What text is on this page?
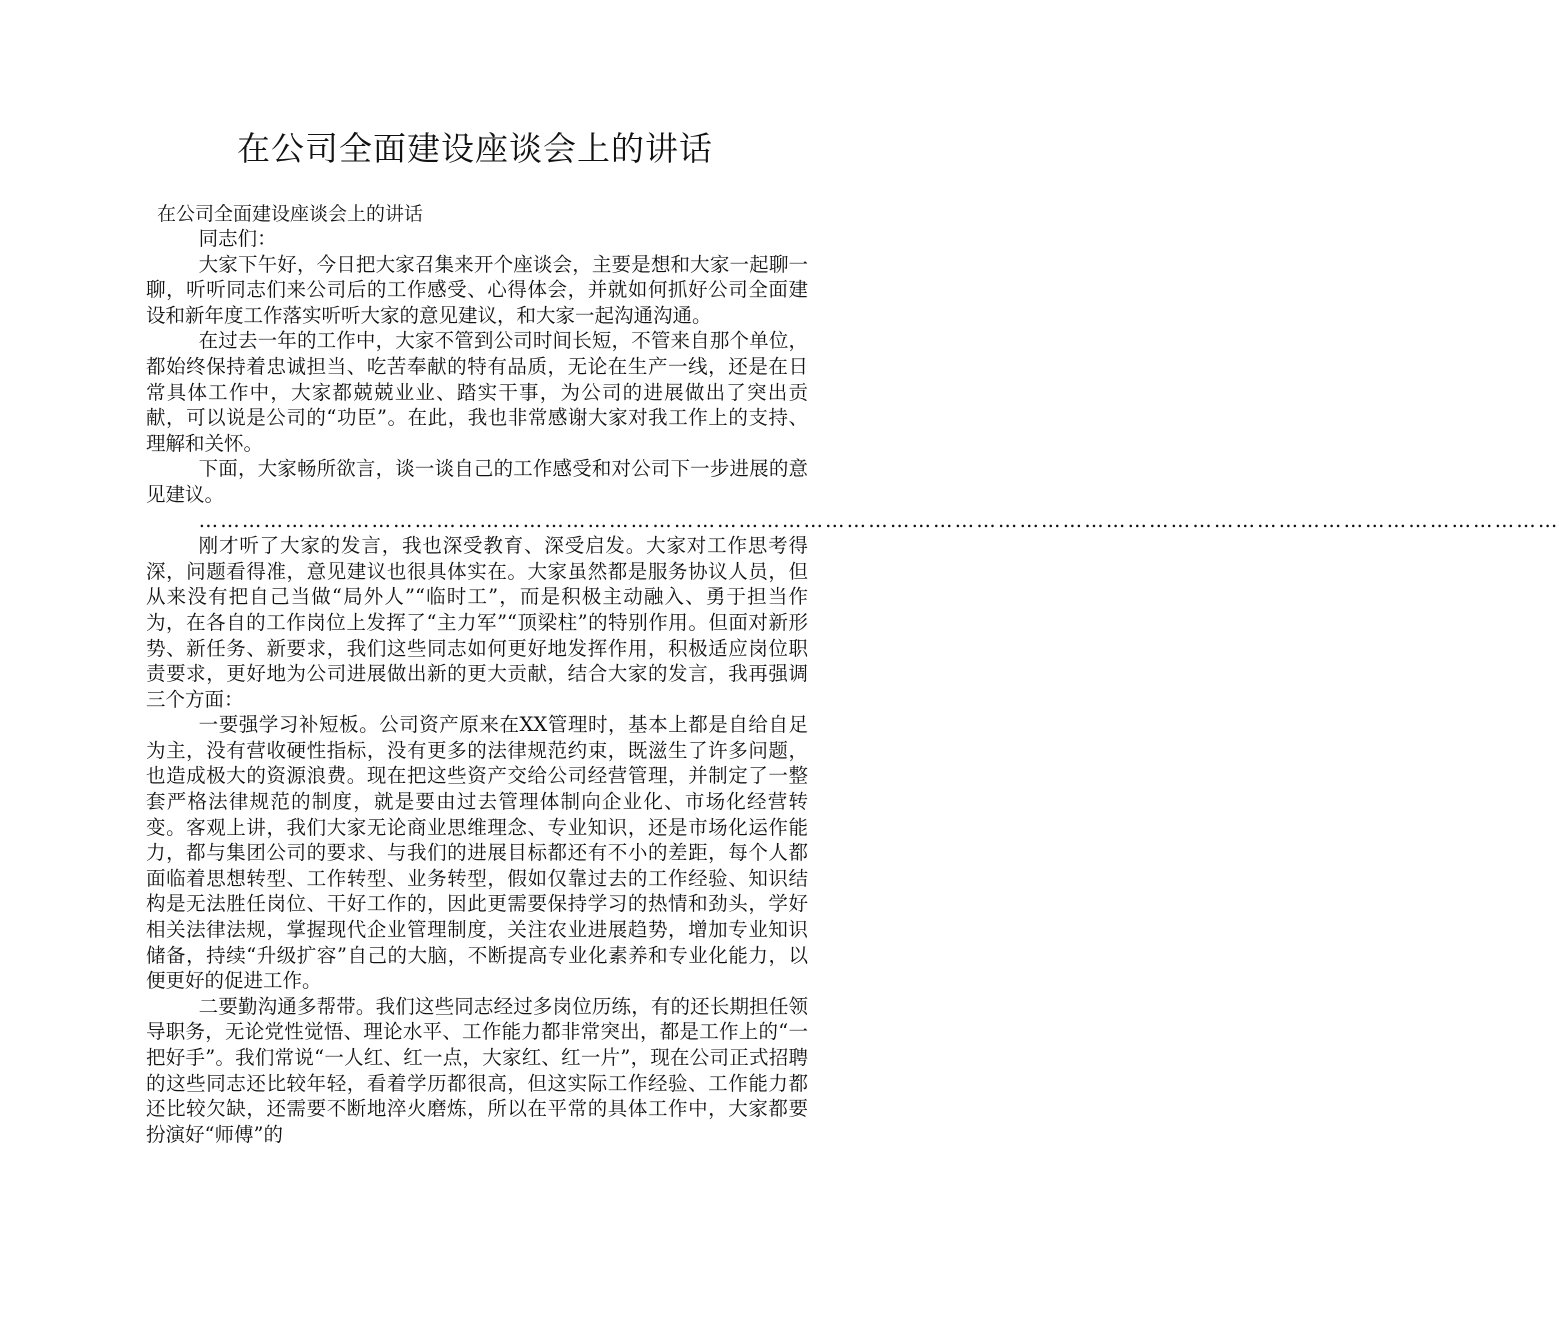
在公司全面建设座谈会上的讲话
在公司全面建设座谈会上的讲话

同志们：

大家下午好，今日把大家召集来开个座谈会，主要是想和大家一起聊一聊，听听同志们来公司后的工作感受、心得体会，并就如何抓好公司全面建设和新年度工作落实听听大家的意见建议，和大家一起沟通沟通。

在过去一年的工作中，大家不管到公司时间长短，不管来自那个单位，都始终保持着忠诚担当、吃苦奉献的特有品质，无论在生产一线，还是在日常具体工作中，大家都兢兢业业、踏实干事，为公司的进展做出了突出贡献，可以说是公司的“功臣”。在此，我也非常感谢大家对我工作上的支持、理解和关怀。

下面，大家畅所欲言，谈一谈自己的工作感受和对公司下一步进展的意见建议。

………………………………………………………………………………………………………………………………………………………………………

刚才听了大家的发言，我也深受教育、深受启发。大家对工作思考得深，问题看得准，意见建议也很具体实在。大家虽然都是服务协议人员，但从来没有把自己当做“局外人”“临时工”，而是积极主动融入、勇于担当作为，在各自的工作岗位上发挥了“主力军”“顶梁柱”的特别作用。但面对新形势、新任务、新要求，我们这些同志如何更好地发挥作用，积极适应岗位职责要求，更好地为公司进展做出新的更大贡献，结合大家的发言，我再强调三个方面：

一要强学习补短板。公司资产原来在XX管理时，基本上都是自给自足为主，没有营收硬性指标，没有更多的法律规范约束，既滋生了许多问题，也造成极大的资源浪费。现在把这些资产交给公司经营管理，并制定了一整套严格法律规范的制度，就是要由过去管理体制向企业化、市场化经营转变。客观上讲，我们大家无论商业思维理念、专业知识，还是市场化运作能力，都与集团公司的要求、与我们的进展目标都还有不小的差距，每个人都面临着思想转型、工作转型、业务转型，假如仅靠过去的工作经验、知识结构是无法胜任岗位、干好工作的，因此更需要保持学习的热情和劲头，学好相关法律法规，掌握现代企业管理制度，关注农业进展趋势，增加专业知识储备，持续“升级扩容”自己的大脑，不断提高专业化素养和专业化能力，以便更好的促进工作。

二要勤沟通多帮带。我们这些同志经过多岗位历练，有的还长期担任领导职务，无论党性觉悟、理论水平、工作能力都非常突出，都是工作上的“一把好手”。我们常说“一人红、红一点，大家红、红一片”，现在公司正式招聘的这些同志还比较年轻，看着学历都很高，但这实际工作经验、工作能力都还比较欠缺，还需要不断地淬火磨炼，所以在平常的具体工作中，大家都要扮演好“师傅”的
